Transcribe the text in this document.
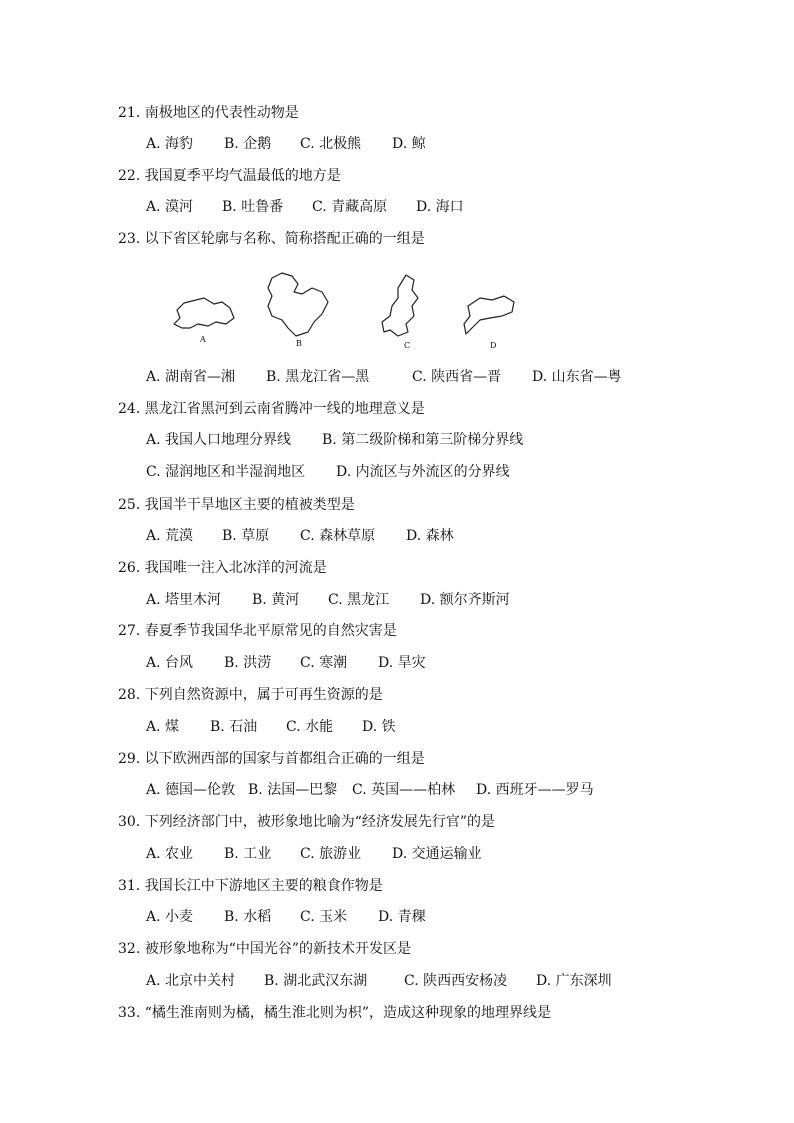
21. 南极地区的代表性动物是
A. 海豹 B. 企鹅 C. 北极熊 D. 鲸
22. 我国夏季平均气温最低的地方是
A. 漠河 B. 吐鲁番 C. 青藏高原 D. 海口
23. 以下省区轮廓与名称、简称搭配正确的一组是
A	B	C	D
A. 湖南省—湘 B. 黑龙江省—黑	C. 陕西省—晋 D. 山东省—粤
24. 黑龙江省黑河到云南省腾冲一线的地理意义是
A. 我国人口地理分界线 B. 第二级阶梯和第三阶梯分界线
C. 湿润地区和半湿润地区 D. 内流区与外流区的分界线
25. 我国半干旱地区主要的植被类型是
A. 荒漠 B. 草原 C. 森林草原 D. 森林
26. 我国唯一注入北冰洋的河流是
A. 塔里木河 B. 黄河 C. 黑龙江 D. 额尔齐斯河
27. 春夏季节我国华北平原常见的自然灾害是
A. 台风 B. 洪涝 C. 寒潮 D. 旱灾
28. 下列自然资源中，属于可再生资源的是
A. 煤 B. 石油 C. 水能 D. 铁
29. 以下欧洲西部的国家与首都组合正确的一组是
A. 德国—伦敦 B. 法国—巴黎 C. 英国——柏林 D. 西班牙——罗马
30. 下列经济部门中，被形象地比喻为“经济发展先行官”的是
A. 农业 B. 工业 C. 旅游业 D. 交通运输业
31. 我国长江中下游地区主要的粮食作物是
A. 小麦 B. 水稻 C. 玉米 D. 青稞
32. 被形象地称为“中国光谷”的新技术开发区是
A. 北京中关村 B. 湖北武汉东湖	C. 陕西西安杨凌 D. 广东深圳
33. “橘生淮南则为橘，橘生淮北则为枳”，造成这种现象的地理界线是
